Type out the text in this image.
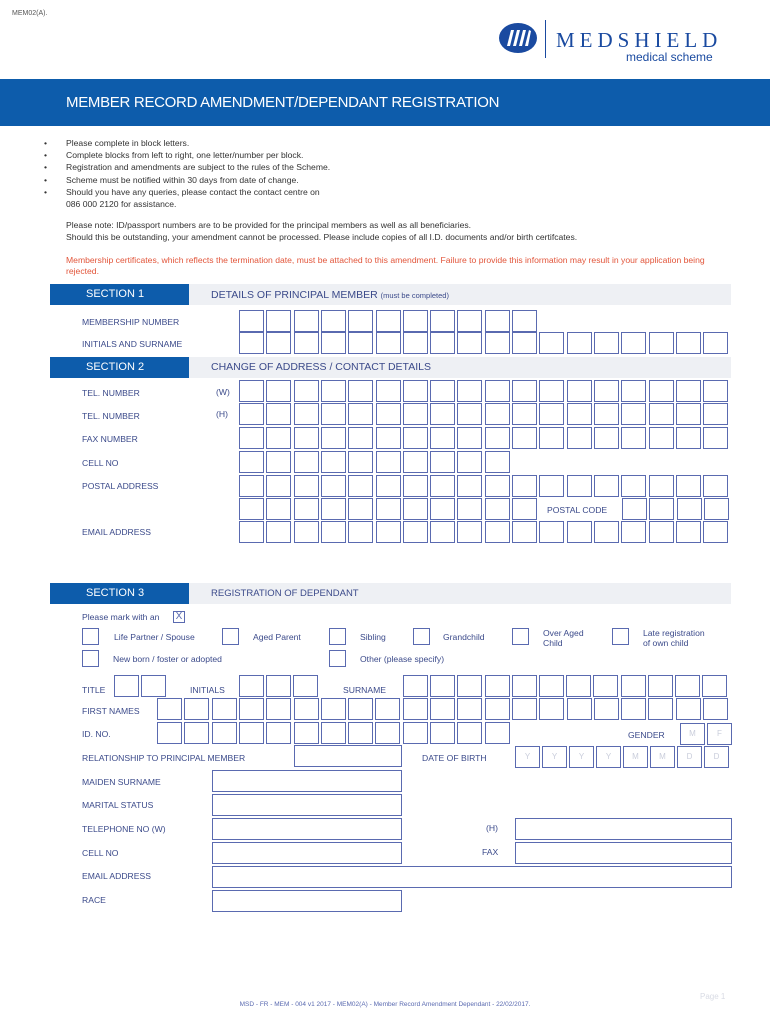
MEM02(A).
MEDSHIELD
medical scheme
MEMBER RECORD AMENDMENT/DEPENDANT REGISTRATION
• Please complete in block letters.
• Complete blocks from left to right, one letter/number per block.
• Registration and amendments are subject to the rules of the Scheme.
• Scheme must be notified within 30 days from date of change.
• Should you have any queries, please contact the contact centre on
086 000 2120 for assistance.
Please note: ID/passport numbers are to be provided for the principal members as well as all beneficiaries.
Should this be outstanding, your amendment cannot be processed. Please include copies of all I.D. documents and/or birth certifcates.
Membership certificates, which reflects the termination date, must be attached to this amendment. Failure to provide this information may result in your application being rejected.
SECTION 1	DETAILS OF PRINCIPAL MEMBER (must be completed)
MEMBERSHIP NUMBER
INITIALS AND SURNAME
SECTION 2	CHANGE OF ADDRESS / CONTACT DETAILS
TEL. NUMBER	(W)
TEL. NUMBER	(H)
FAX NUMBER
CELL NO
POSTAL ADDRESS
POSTAL CODE
EMAIL ADDRESS
SECTION 3	REGISTRATION OF DEPENDANT
Please mark with an X
Life Partner / Spouse	Aged Parent	Sibling	Grandchild	Over Aged
Child
Late registration
of own child
New born / foster or adopted	Other (please specify)
TITLE	INITIALS	SURNAME
FIRST NAMES
ID. NO.	GENDER
RELATIONSHIP TO PRINCIPAL MEMBER	DATE OF BIRTH
MAIDEN SURNAME
MARITAL STATUS
TELEPHONE NO (W)	(H)
CELL NO	FAX
EMAIL ADDRESS
RACE
M	F
Y	Y	Y	Y	M	M	D	D
Page 1
MSD - FR - MEM - 004 v1 2017 - MEM02(A) - Member Record Amendment Dependant - 22/02/2017.
